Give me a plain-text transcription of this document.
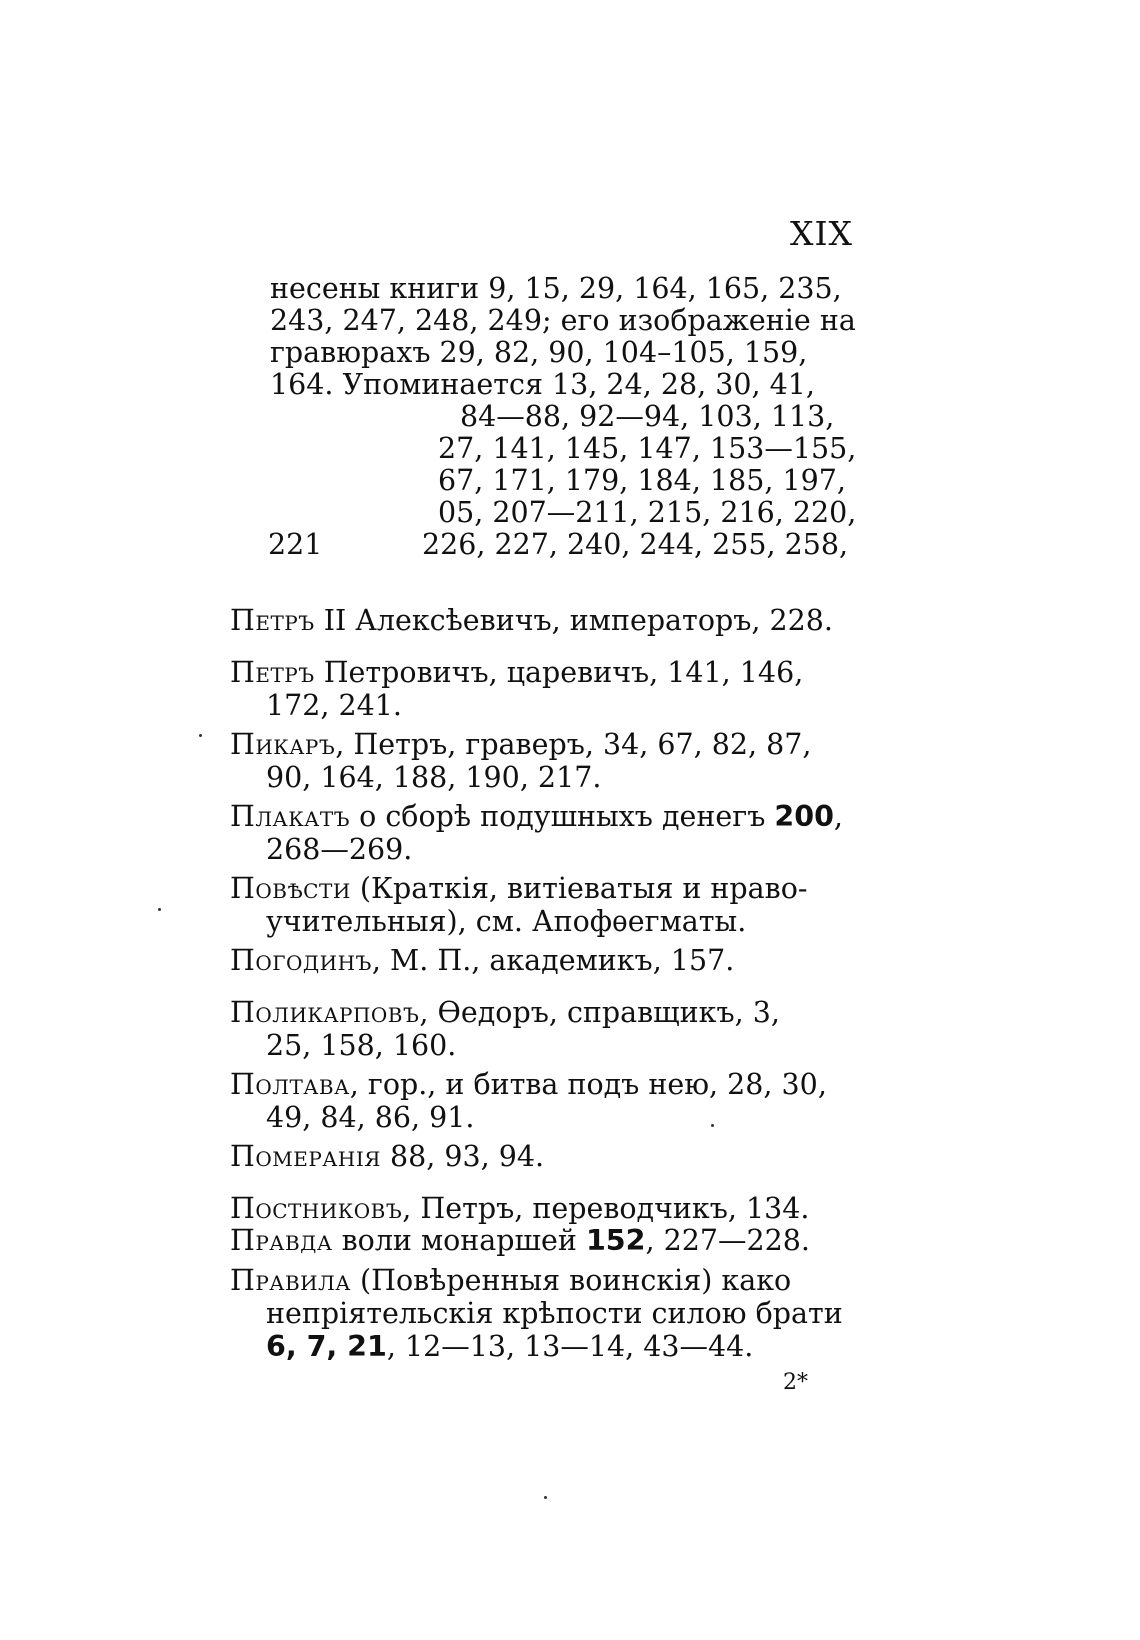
XIX
несены книги 9, 15, 29, 164, 165, 235,
243, 247, 248, 249; его изображеніе на
гравюрахъ 29, 82, 90, 104–105, 159,
164. Упоминается 13, 24, 28, 30, 41,
84—88, 92—94, 103, 113,
27, 141, 145, 147, 153—155,
67, 171, 179, 184, 185, 197,
05, 207—211, 215, 216, 220,
221	226, 227, 240, 244, 255, 258,
Петръ II Алексѣевичъ, императоръ, 228.
Петръ Петровичъ, царевичъ, 141, 146,
172, 241.
Пикаръ, Петръ, граверъ, 34, 67, 82, 87,
90, 164, 188, 190, 217.
Плакатъ о сборѣ подушныхъ денегъ 200,
268—269.
Повѣсти (Краткія, витіеватыя и нраво-
учительныя), см. Апофѳегматы.
Погодинъ, М. П., академикъ, 157.
Поликарповъ, Ѳедоръ, справщикъ, 3,
25, 158, 160.
Полтава, гор., и битва подъ нею, 28, 30,
49, 84, 86, 91.
Померанія 88, 93, 94.
Постниковъ, Петръ, переводчикъ, 134.
Правда воли монаршей 152, 227—228.
Правила (Повѣренныя воинскія) како
непріятельскія крѣпости силою брати
6, 7, 21, 12—13, 13—14, 43—44.
2*
